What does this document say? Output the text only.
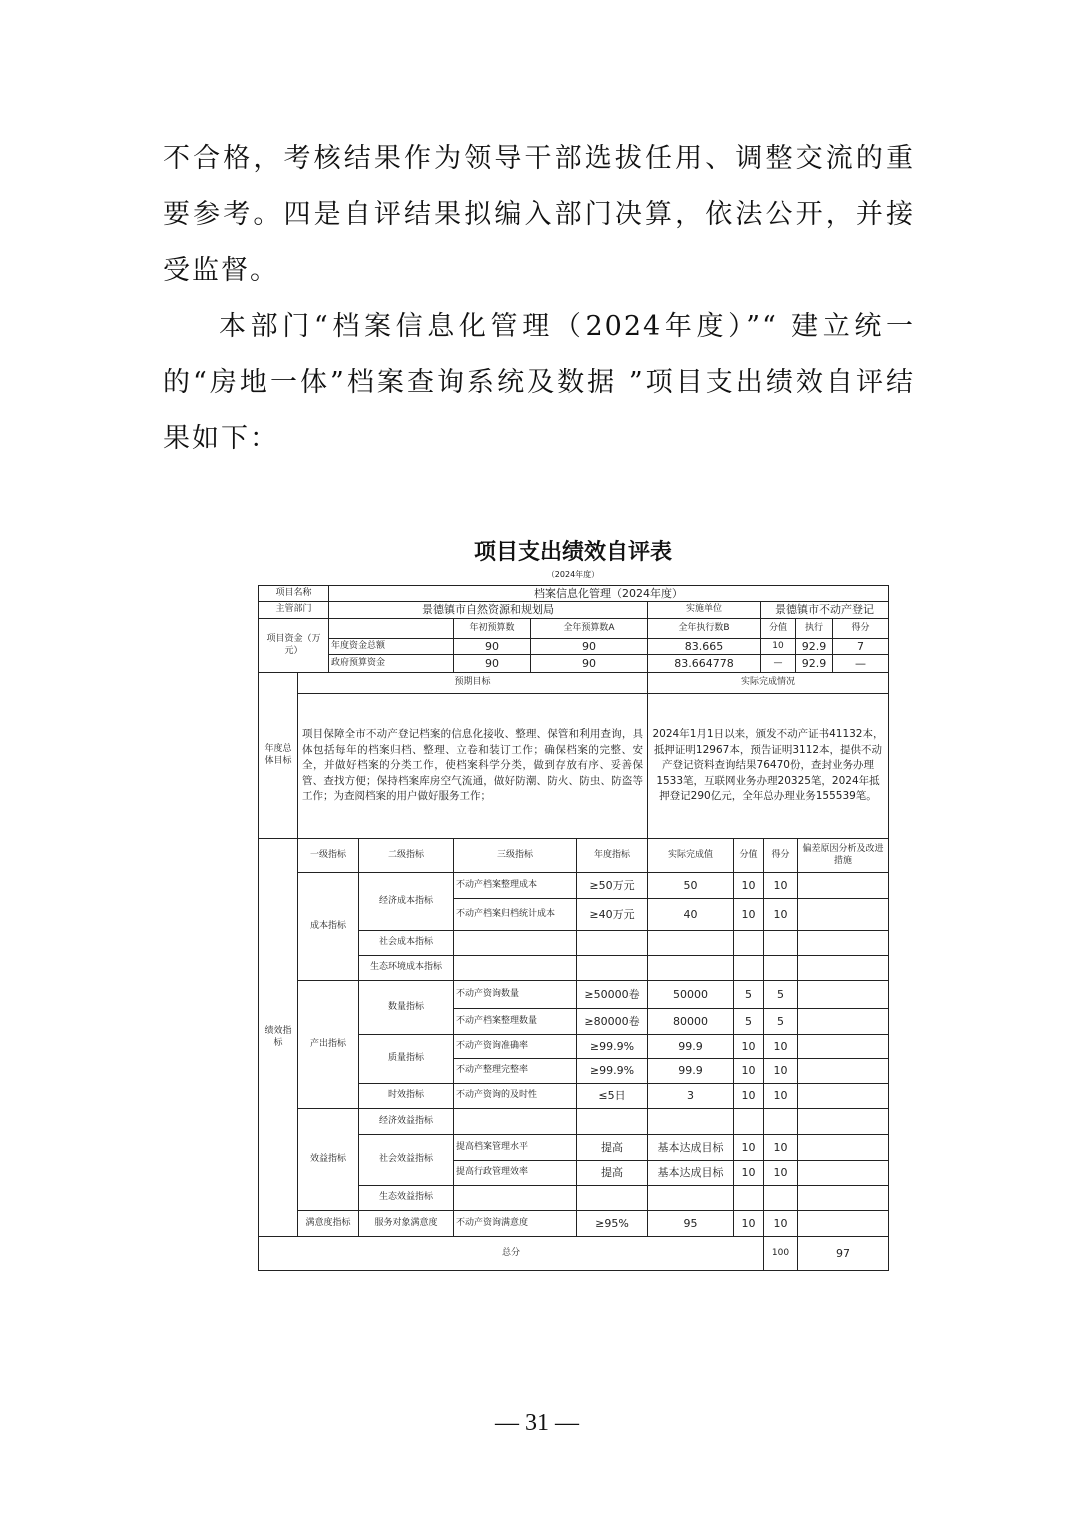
不合格，考核结果作为领导干部选拔任用、调整交流的重要参考。四是自评结果拟编入部门决算，依法公开，并接受监督。
本部门“档案信息化管理（2024年度）”“ 建立统一的“房地一体”档案查询系统及数据 ”项目支出绩效自评结果如下：
项目支出绩效自评表
（2024年度）
项目名称	档案信息化管理（2024年度）						
主管部门	景德镇市自然资源和规划局			实施单位	景德镇市不动产登记		
项目资金（万元）		年初预算数	全年预算数A	全年执行数B	分值	执行	得分
	年度资金总额	90	90	83.665	10	92.9	7
	政府预算资金	90	90	83.664778	—	92.9	—
年度总体目标	预期目标	实际完成情况
	项目保障全市不动产登记档案的信息化接收、整理、保管和利用查询，具体包括每年的档案归档、整理、立卷和装订工作；确保档案的完整、安全，并做好档案的分类工作，使档案科学分类，做到存放有序、妥善保管、查找方便；保持档案库房空气流通，做好防潮、防火、防虫、防盗等工作；为查阅档案的用户做好服务工作；	2024年1月1日以来，颁发不动产证书41132本，抵押证明12967本，预告证明3112本，提供不动产登记资料查询结果76470份，查封业务办理1533笔，互联网业务办理20325笔，2024年抵押登记290亿元，全年总办理业务155539笔。
绩效指标	一级指标	二级指标	三级指标	年度指标	实际完成值	分值	得分	偏差原因分析及改进措施	
	成本指标	经济成本指标	不动产档案整理成本	≥50万元	50	10	10		
			不动产档案归档统计成本	≥40万元	40	10	10		
		社会成本指标							
		生态环境成本指标							
	产出指标	数量指标	不动产资询数量	≥50000卷	50000	5	5		
			不动产档案整理数量	≥80000卷	80000	5	5		
		质量指标	不动产资询准确率	≥99.9%	99.9	10	10		
			不动产整理完整率	≥99.9%	99.9	10	10		
		时效指标	不动产资询的及时性	≤5日	3	10	10		
	效益指标	经济效益指标							
		社会效益指标	提高档案管理水平	提高	基本达成目标	10	10		
			提高行政管理效率	提高	基本达成目标	10	10		
		生态效益指标							
	满意度指标	服务对象满意度	不动产资询满意度	≥95%	95	10	10		
总分							100	97	
— 31 —
